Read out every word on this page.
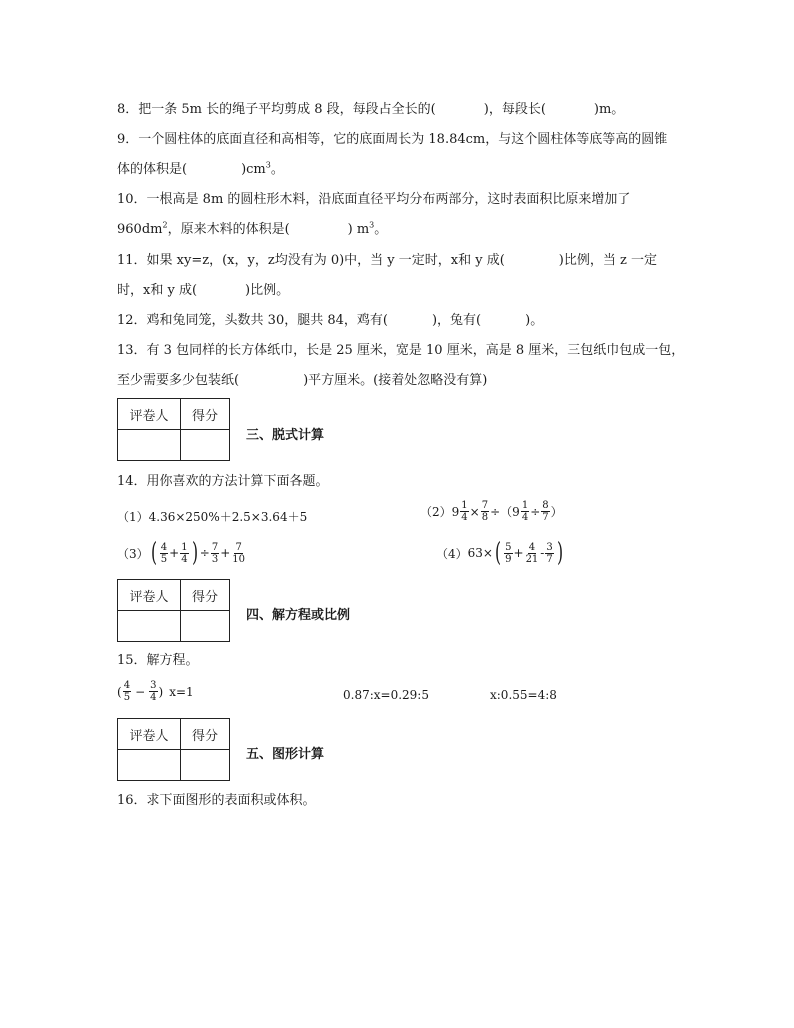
8．把一条 5m 长的绳子平均剪成 8 段，每段占全长的(	)，每段长(	)m。
9．一个圆柱体的底面直径和高相等，它的底面周长为 18.84cm，与这个圆柱体等底等高的圆锥
体的体积是(	)$cm^3$。
10．一根高是 8m 的圆柱形木料，沿底面直径平均分布两部分，这时表面积比原来增加了
$960dm^2$，原来木料的体积是(	) $m^3$。
11．如果 xy=z，(x，y，z均没有为 0)中，当 y 一定时，x和 y 成(	)比例，当 z 一定
时，x和 y 成(	)比例。
12．鸡和兔同笼，头数共 30，腿共 84，鸡有(	)，兔有(	)。
13．有 3 包同样的长方体纸巾，长是 25 厘米，宽是 10 厘米，高是 8 厘米，三包纸巾包成一包，
至少需要多少包装纸(	)平方厘米。(接着处忽略没有算)
评卷人	得分

三、脱式计算
14．用你喜欢的方法计算下面各题。
（1） 4.36×250%＋2.5×3.64＋5	（2） $9 \frac{1}{4} \times \frac{7}{8}$ ÷ （ $9 \frac{1}{4} \div \frac{8}{7}$ ）
（3） ( $\frac{4}{5} + \frac{1}{4}$ ) ÷ $\frac{7}{3} + \frac{7}{10}$	（4） 63× ( $\frac{5}{9} + \frac{4}{21} - \frac{3}{7}$ )
评卷人	得分

四、解方程或比例
15．解方程。
( $\frac{4}{5} - \frac{3}{4}$ ) x=1	0.87:x=0.29:5	x:0.55=4:8
评卷人	得分

五、图形计算
16．求下面图形的表面积或体积。
